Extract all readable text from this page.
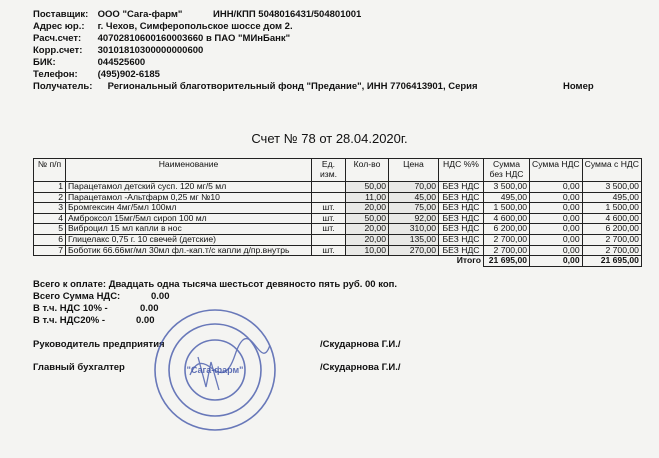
Поставщик: ООО "Сага-фарм"	ИНН/КПП 5048016431/504801001
Адрес юр.: г. Чехов, Симферопольское шоссе дом 2.
Расч.счет: 40702810600160003660 в ПАО "МИнБанк"
Корр.счет: 30101810300000000600
БИК:	044525600
Телефон: (495)902-6185
Получатель: Региональный благотворительный фонд "Предание", ИНН 7706413901, Серия	Номер
Счет № 78 от 28.04.2020г.
№ п/п	Наименование	Ед. изм.	Кол-во	Цена	НДС %%	Сумма без НДС	Сумма НДС	Сумма с НДС
1	Парацетамол детский сусп. 120 мг/5 мл		50,00	70,00	БЕЗ НДС	3 500,00	0,00	3 500,00
2	Парацетамол -Альтфарм 0,25 мг №10		11,00	45,00	БЕЗ НДС	495,00	0,00	495,00
3	Бромгексин 4мг/5мл 100мл	шт.	20,00	75,00	БЕЗ НДС	1 500,00	0,00	1 500,00
4	Амброксол 15мг/5мл сироп 100 мл	шт.	50,00	92,00	БЕЗ НДС	4 600,00	0,00	4 600,00
5	Виброцил 15 мл капли в нос	шт.	20,00	310,00	БЕЗ НДС	6 200,00	0,00	6 200,00
6	Глицелакс 0,75 г. 10 свечей (детские)		20,00	135,00	БЕЗ НДС	2 700,00	0,00	2 700,00
7	Боботик 66.66мг/мл 30мл фл.-кап.т/с капли д/пр.внутрь	шт.	10,00	270,00	БЕЗ НДС	2 700,00	0,00	2 700,00
					Итого	21 695,00	0,00	21 695,00
Всего к оплате: Двадцать одна тысяча шестьсот девяносто пять руб. 00 коп.
Всего Сумма НДС:	0.00
В т.ч. НДС 10% -	0.00
В т.ч. НДС20% -	0.00
Руководитель предприятия	/Скударнова Г.И./
Главный бухгалтер	/Скударнова Г.И./
"Сага-фарм"
